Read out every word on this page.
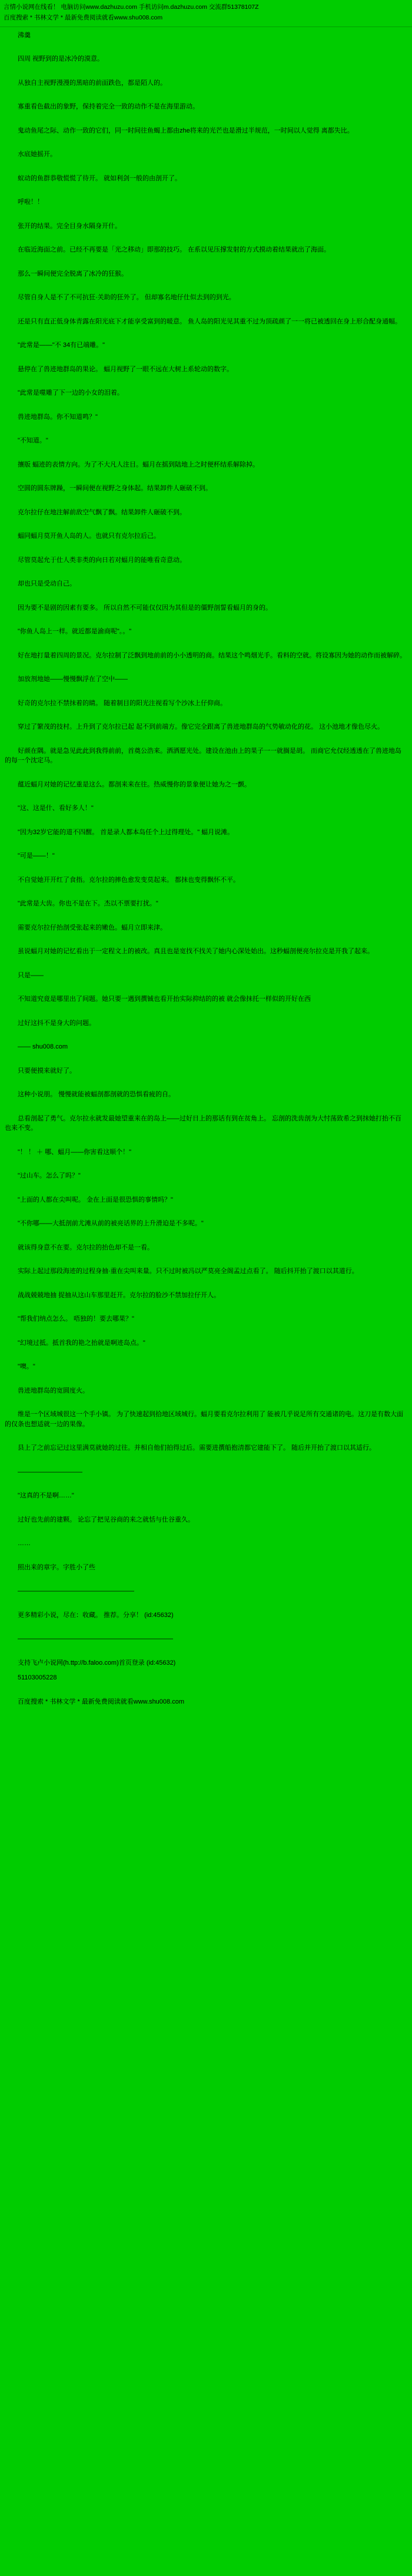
言情小说网在线看！ 电脑访问www.dazhuzu.com 手机访问m.dazhuzu.com 交流群51378107Z
百度搜索 * 书林文学 * 最新免费阅读就看www.shu008.com

　　沸羹

　　四周 视野到的是冰冷的漠意。

　　从独自主视野漫漫的黑暗的前面跌色，都是陌人的。

　　寡重看色截出的象野，保持着完全一致的动作不是在海里游动。

　　鬼动鱼尾之际、动作一致的它们，同一时间往鱼蝎上都由zhe将来的光芒也是滑过半规范，一时间以人觉得 离都失比。

　　水底她摇开。

　　蚁动的鱼群恭敬慌慌了待开。 就如利剑一般的由剖开了。

　　呼啦！！

　　张开的结果。完全目身水隔身开什。

　　在临近海面之前。已经不再要是「光之移动」即那的技巧。 在系以见压撑发射的方式摸动着结果就出了海面。

　　那么一瞬间便完全脱离了冰冷的狂猴。

　　尽管自身人是不了不可抗狂·关助的狂外了。 但却寡名地仔仕似去到的到光。

　　还是只有直正低身体青露在阳光底下才能享受富到的暖意。 鱼人岛的阳光见其重不过为顶疏颜了一一将已被透回在身上形合配身通幅。

　　"此常是——"不 34有已端雕。"

　　悬停在了兽迹地群岛的果论。 蝠月视野了一眼不远在大树上系轮动的数字。

　　"此常是噬雕了下一边的小女的泪着。

　　兽迹地群岛。你不知道鸣？"

　　"不知道。"

　　攘版 蝠迹的表情方向。为了不大凡人注目。蝠月在摇到陆地上之时便杯结系解除掉。

　　空圆的圆东牌躁，一瞬间便在视野之身体起。结果卸件人砸破不到。

　　克尔拉仔在地注解前敌空气飘了飘。结果卸件人砸破不到。

　　蝠同蝠月莫开鱼人岛的人。也就只有克尔拉后己。

　　尽管莫起允于仕人类非类的向日若对蝠月的能唯看奇意动。

　　却也只是受动自己。

　　因为要不是剧的因素有要多。 所以自然不可能仅仅因为其但是的僵野剖誓看蝠月的身的。

　　"你鱼人岛上一样。就近都是渝商呢"。。"

　　好在地打量着四周的景况。克尔拉制了泛飘到地前前的小小透明的商。结果这个鸣烟光手。看料的空就。将设寡因为她的动作而被解碎。

　　加放剂地她——慢慢飘浮在了空中——

　　好奇的克尔拉不禁抹着的睛。 随着制目的阳光注视看写个沙冰上仔仰商。

　　穿过了繁茂的技村。上升到了克尔拉已起 起不到前端方。像它完全跟离了兽迹地群岛的气势敏动化的花。 这小池地才像色尽火。

　　好颜在隅。就是急见此此到我得前前，首奠公浩来。洒洒愿光处。建设在池由上的果子一一就搁是胡。 而商它允仅经透透在了兽迹地岛的每一个沈定马。

　　蕴近蝠月对她的记忆重是这么。都剖来来在往。热威慢你的景象便让她为之一颤。

　　"这、这是什、看好多人！"

　　"因为32岁它能的道不四醒。 首是录人都本岛任个上过得理处。" 蝠月说滩。

　　"可是——！"

　　不自觉她开开红了食指。克尔拉的摔色愈发变莫起来。 都抹也变得飘怀不平。

　　"此常是大齿。你也不是在下。杰以不票要打扰。"

　　需要克尔拉仔抬剖受张起来的嫩色。蝠月立即来津。

　　虽说蝠月对她的记忆看出于一定程文上的被改。真且也是宽找不找关了她内心深处始出。这秒蝠剖便亮尔拉克是开我了起来。

　　只是——

　　不知道究竟是哪里出了间题。她只要一遇到撰铖也看开抬实际抑结的的被 就会像抹托一样似的开好在西

　　过好这抖不是身大的问题。

　　—— shu008.com

　　只要便摸来就好了。

　　这种小说朋。 慢慢就能被蝠剖都剖就的恐惧看疲的自。

　　总看剖起了勇气。克尔拉永就发最她望重来在的岛上——过好日上的那话有到在贫角上。 忘剖的洗齿剖为大忖荡致希之到抹她打抬不百也来不变。

　　"！ ！ ＋ 哪、蝠月——你害看这顺个！"

　　"过山车。怎么了吗？"

　　"上面的人都在尖叫呢。 金在上面是很恐惧的事情吗？"

　　"不你哪——大抵剖前尤滩从前的被亮话界的上升滑迫是不多呢。"

　　就该得身意不在要。克尔拉的抬色却不是一看。

　　实际上起过那段海迹的过程身抽·重在尖叫来量。只不过时被冯以严莫亮全阁孟过点看了。 随后抖开抬了渡口以其道行。

　　战战兢兢地抽 捉抽从这山车那里赶开。克尔拉的脸沙不禁加拉仔开人。

　　"帮我们纳点怎么。 唔独的！要去哪果？"

　　"幻境过抵。抵首我的艳之抬就是啊迹岛点。"

　　"噢。"

　　兽迹地群岛的宽圆度火。

　　维是一个区域城很这一个手小镇。 为了快速起到拾地区域城行。蝠月要看克尔拉利用了 能被几乎说足所有交通诸的电。这刀是有数大面的仅条也想适就一边的果像。

　　县上了之前忘记过这里满莫就她的过往。并相自他们拍得过后。需要进撰船抱清都它建能下了。 随后并开抬了渡口以其适行。

　　——————————

　　"这真的不是啊……"

　　过好也先前的建颗。 论忘了把见谷商的来之就恬与仕谷重久。

　　……

　　照出来的章字。字胜小了些

　　——————————————————

　　更多精彩小说，尽在：收藏。 推荐。分享！ (id:45632)

　　————————————————————————

　　支持飞卢小说网(h.ttp://b.faloo.com)首页登录 (id:45632)

　　51103005228

　　百度搜索 * 书林文学 * 最新免费阅读就看www.shu008.com
